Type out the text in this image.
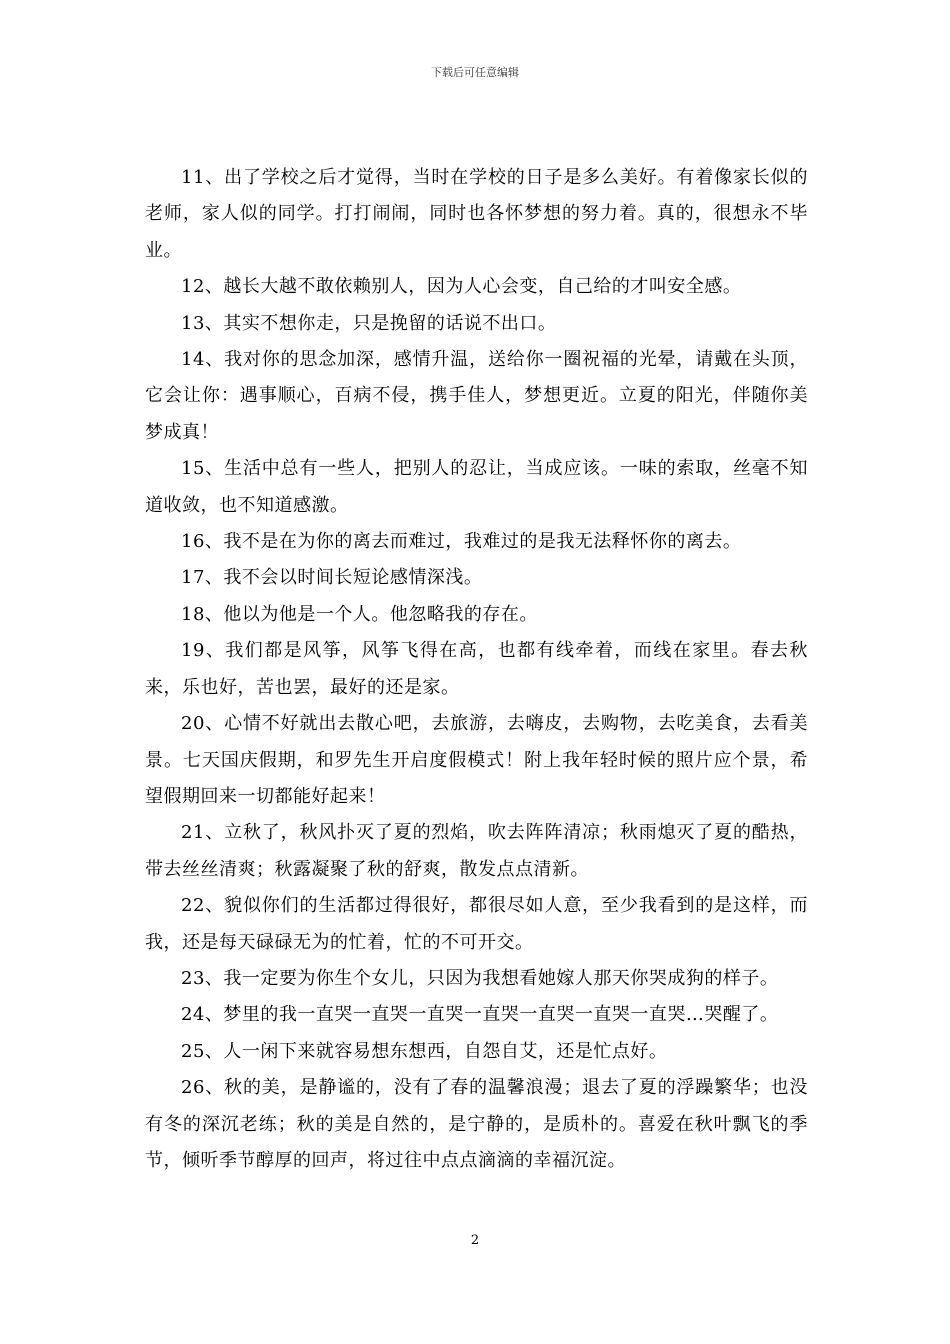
下载后可任意编辑

11、出了学校之后才觉得，当时在学校的日子是多么美好。有着像家长似的老师，家人似的同学。打打闹闹，同时也各怀梦想的努力着。真的，很想永不毕业。

12、越长大越不敢依赖别人，因为人心会变，自己给的才叫安全感。

13、其实不想你走，只是挽留的话说不出口。

14、我对你的思念加深，感情升温，送给你一圈祝福的光晕，请戴在头顶，它会让你：遇事顺心，百病不侵，携手佳人，梦想更近。立夏的阳光，伴随你美梦成真！

15、生活中总有一些人，把别人的忍让，当成应该。一味的索取，丝毫不知道收敛，也不知道感激。

16、我不是在为你的离去而难过，我难过的是我无法释怀你的离去。

17、我不会以时间长短论感情深浅。

18、他以为他是一个人。他忽略我的存在。

19、我们都是风筝，风筝飞得在高，也都有线牵着，而线在家里。春去秋来，乐也好，苦也罢，最好的还是家。

20、心情不好就出去散心吧，去旅游，去嗨皮，去购物，去吃美食，去看美景。七天国庆假期，和罗先生开启度假模式！附上我年轻时候的照片应个景，希望假期回来一切都能好起来！

21、立秋了，秋风扑灭了夏的烈焰，吹去阵阵清凉；秋雨熄灭了夏的酷热，带去丝丝清爽；秋露凝聚了秋的舒爽，散发点点清新。

22、貌似你们的生活都过得很好，都很尽如人意，至少我看到的是这样，而我，还是每天碌碌无为的忙着，忙的不可开交。

23、我一定要为你生个女儿，只因为我想看她嫁人那天你哭成狗的样子。

24、梦里的我一直哭一直哭一直哭一直哭一直哭一直哭一直哭…哭醒了。

25、人一闲下来就容易想东想西，自怨自艾，还是忙点好。

26、秋的美，是静谧的，没有了春的温馨浪漫；退去了夏的浮躁繁华；也没有冬的深沉老练；秋的美是自然的，是宁静的，是质朴的。喜爱在秋叶飘飞的季节，倾听季节醇厚的回声，将过往中点点滴滴的幸福沉淀。

2
